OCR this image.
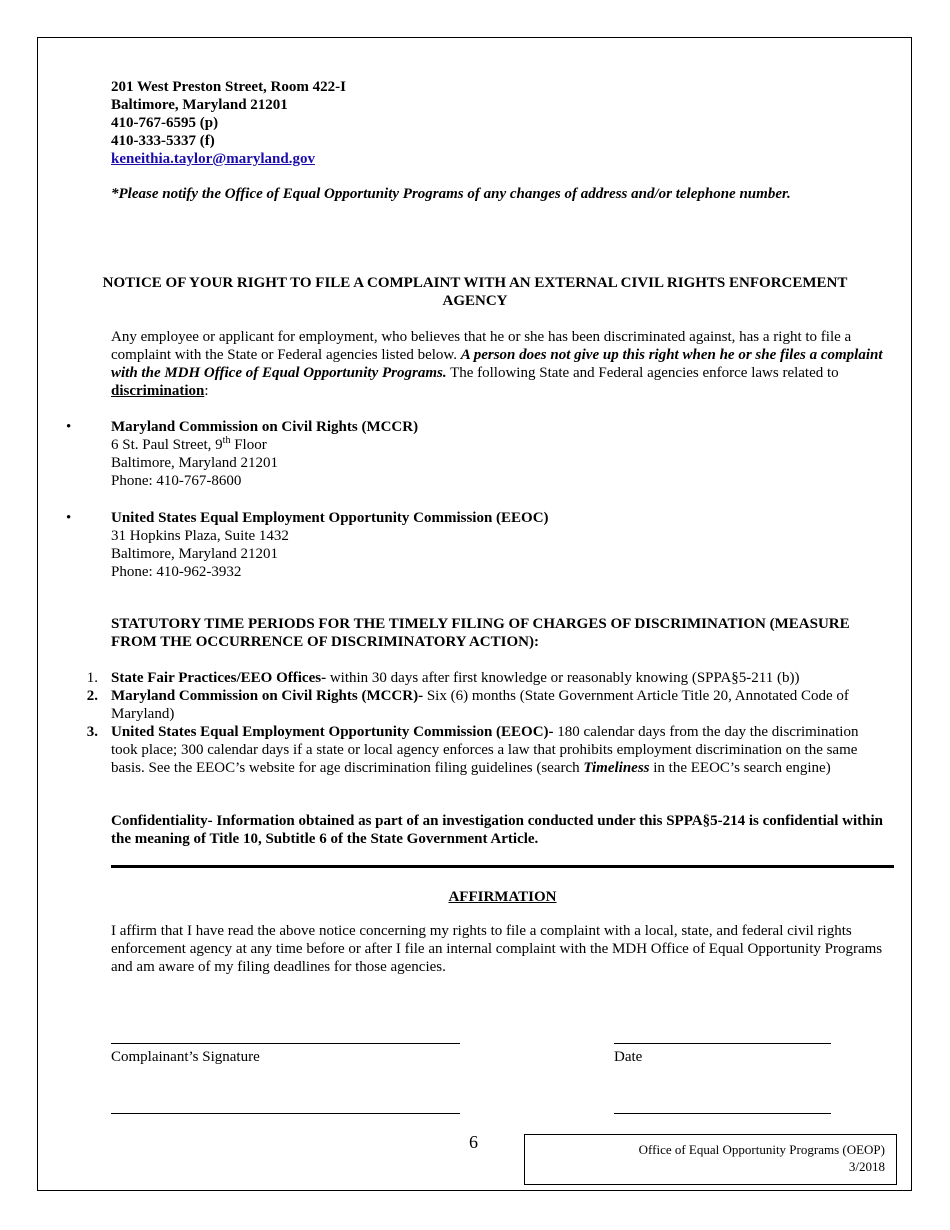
201 West Preston Street, Room 422-I
Baltimore, Maryland 21201
410-767-6595 (p)
410-333-5337 (f)
keneithia.taylor@maryland.gov
*Please notify the Office of Equal Opportunity Programs of any changes of address and/or telephone number.
NOTICE OF YOUR RIGHT TO FILE A COMPLAINT WITH AN EXTERNAL CIVIL RIGHTS ENFORCEMENT
AGENCY
Any employee or applicant for employment, who believes that he or she has been discriminated against, has a right to file a complaint with the State or Federal agencies listed below. A person does not give up this right when he or she files a complaint with the MDH Office of Equal Opportunity Programs. The following State and Federal agencies enforce laws related to discrimination:
•	Maryland Commission on Civil Rights (MCCR)
6 St. Paul Street, 9th Floor
Baltimore, Maryland 21201
Phone: 410-767-8600
•	United States Equal Employment Opportunity Commission (EEOC)
31 Hopkins Plaza, Suite 1432
Baltimore, Maryland 21201
Phone: 410-962-3932
STATUTORY TIME PERIODS FOR THE TIMELY FILING OF CHARGES OF DISCRIMINATION (MEASURE FROM THE OCCURRENCE OF DISCRIMINATORY ACTION):
1. State Fair Practices/EEO Offices- within 30 days after first knowledge or reasonably knowing (SPPA§5-211 (b))
2. Maryland Commission on Civil Rights (MCCR)- Six (6) months (State Government Article Title 20, Annotated Code of Maryland)
3. United States Equal Employment Opportunity Commission (EEOC)- 180 calendar days from the day the discrimination took place; 300 calendar days if a state or local agency enforces a law that prohibits employment discrimination on the same basis. See the EEOC’s website for age discrimination filing guidelines (search Timeliness in the EEOC’s search engine)
Confidentiality- Information obtained as part of an investigation conducted under this SPPA§5-214 is confidential within the meaning of Title 10, Subtitle 6 of the State Government Article.
AFFIRMATION
I affirm that I have read the above notice concerning my rights to file a complaint with a local, state, and federal civil rights enforcement agency at any time before or after I file an internal complaint with the MDH Office of Equal Opportunity Programs and am aware of my filing deadlines for those agencies.
Complainant’s Signature	Date
6	Office of Equal Opportunity Programs (OEOP)
3/2018
